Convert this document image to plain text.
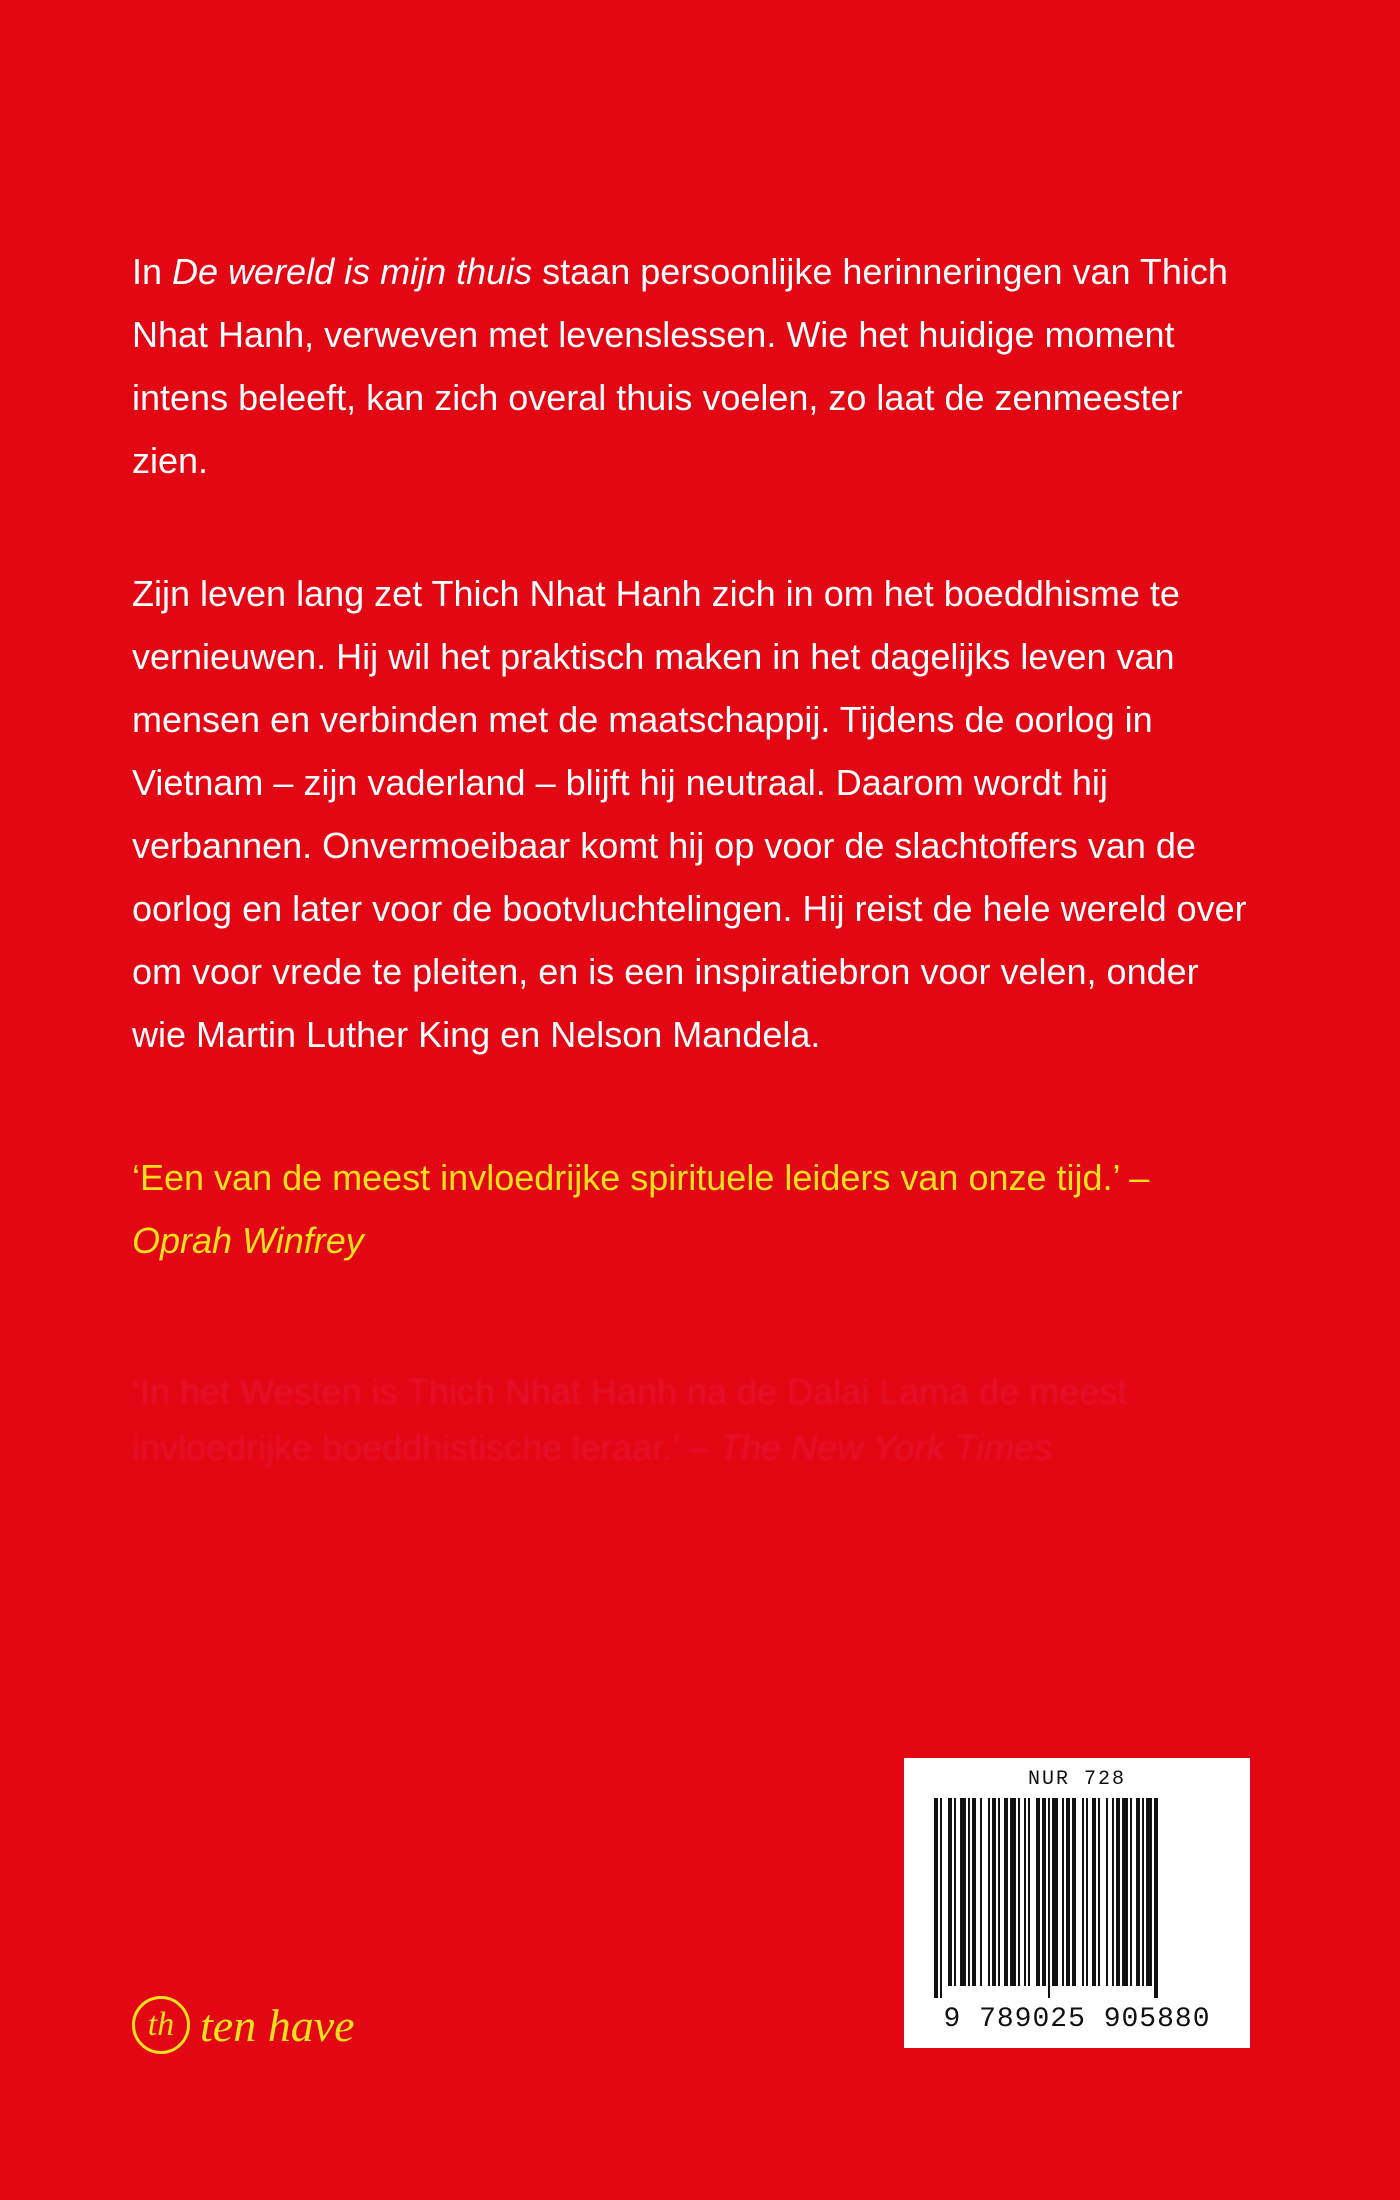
In De wereld is mijn thuis staan persoonlijke herinneringen van Thich Nhat Hanh, verweven met levenslessen. Wie het huidige moment intens beleeft, kan zich overal thuis voelen, zo laat de zenmeester zien.

Zijn leven lang zet Thich Nhat Hanh zich in om het boeddhisme te vernieuwen. Hij wil het praktisch maken in het dagelijks leven van mensen en verbinden met de maatschappij. Tijdens de oorlog in Vietnam – zijn vaderland – blijft hij neutraal. Daarom wordt hij verbannen. Onvermoeibaar komt hij op voor de slachtoffers van de oorlog en later voor de bootvluchtelingen. Hij reist de hele wereld over om voor vrede te pleiten, en is een inspiratiebron voor velen, onder wie Martin Luther King en Nelson Mandela.

‘Een van de meest invloedrijke spirituele leiders van onze tijd.’ –
Oprah Winfrey

‘In het Westen is Thich Nhat Hanh na de Dalai Lama de meest invloedrijke boeddhistische leraar.’ – The New York Times

NUR 728
9 789025 905880
th ten have
